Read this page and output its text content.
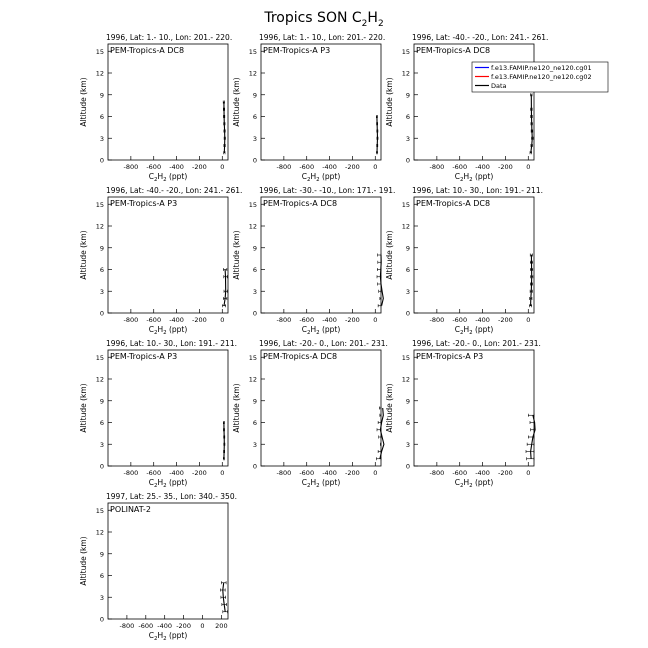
Tropics SON $C_2H_2$
1996, Lat: 1.- 10., Lon: 201.- 220.
PEM-Tropics-A DC8
-800 -600 -400 -200 0
0
3
6
9
12
15
$C_2H_2$ (ppt)
Altitude (km)
1996, Lat: 1.- 10., Lon: 201.- 220.
PEM-Tropics-A P3
-800 -600 -400 -200 0
0
3
6
9
12
15
$C_2H_2$ (ppt)
Altitude (km)
1996, Lat: -40.- -20., Lon: 241.- 261.
PEM-Tropics-A DC8
-800 -600 -400 -200 0
0
3
6
9
12
15
$C_2H_2$ (ppt)
Altitude (km)
1996, Lat: -40.- -20., Lon: 241.- 261.
PEM-Tropics-A P3
-800 -600 -400 -200 0
0
3
6
9
12
15
$C_2H_2$ (ppt)
Altitude (km)
1996, Lat: -30.- -10., Lon: 171.- 191.
PEM-Tropics-A DC8
-800 -600 -400 -200 0
0
3
6
9
12
15
$C_2H_2$ (ppt)
Altitude (km)
1996, Lat: 10.- 30., Lon: 191.- 211.
PEM-Tropics-A DC8
-800 -600 -400 -200 0
0
3
6
9
12
15
$C_2H_2$ (ppt)
Altitude (km)
1996, Lat: 10.- 30., Lon: 191.- 211.
PEM-Tropics-A P3
-800 -600 -400 -200 0
0
3
6
9
12
15
$C_2H_2$ (ppt)
Altitude (km)
1996, Lat: -20.- 0., Lon: 201.- 231.
PEM-Tropics-A DC8
-800 -600 -400 -200 0
0
3
6
9
12
15
$C_2H_2$ (ppt)
Altitude (km)
1996, Lat: -20.- 0., Lon: 201.- 231.
PEM-Tropics-A P3
-800 -600 -400 -200 0
0
3
6
9
12
15
$C_2H_2$ (ppt)
Altitude (km)
1997, Lat: 25.- 35., Lon: 340.- 350.
POLINAT-2
-800 -600 -400 -200 0 200
0
3
6
9
12
15
$C_2H_2$ (ppt)
Altitude (km)
f.e13.FAMIP.ne120_ne120.cg01
f.e13.FAMIP.ne120_ne120.cg02
Data
